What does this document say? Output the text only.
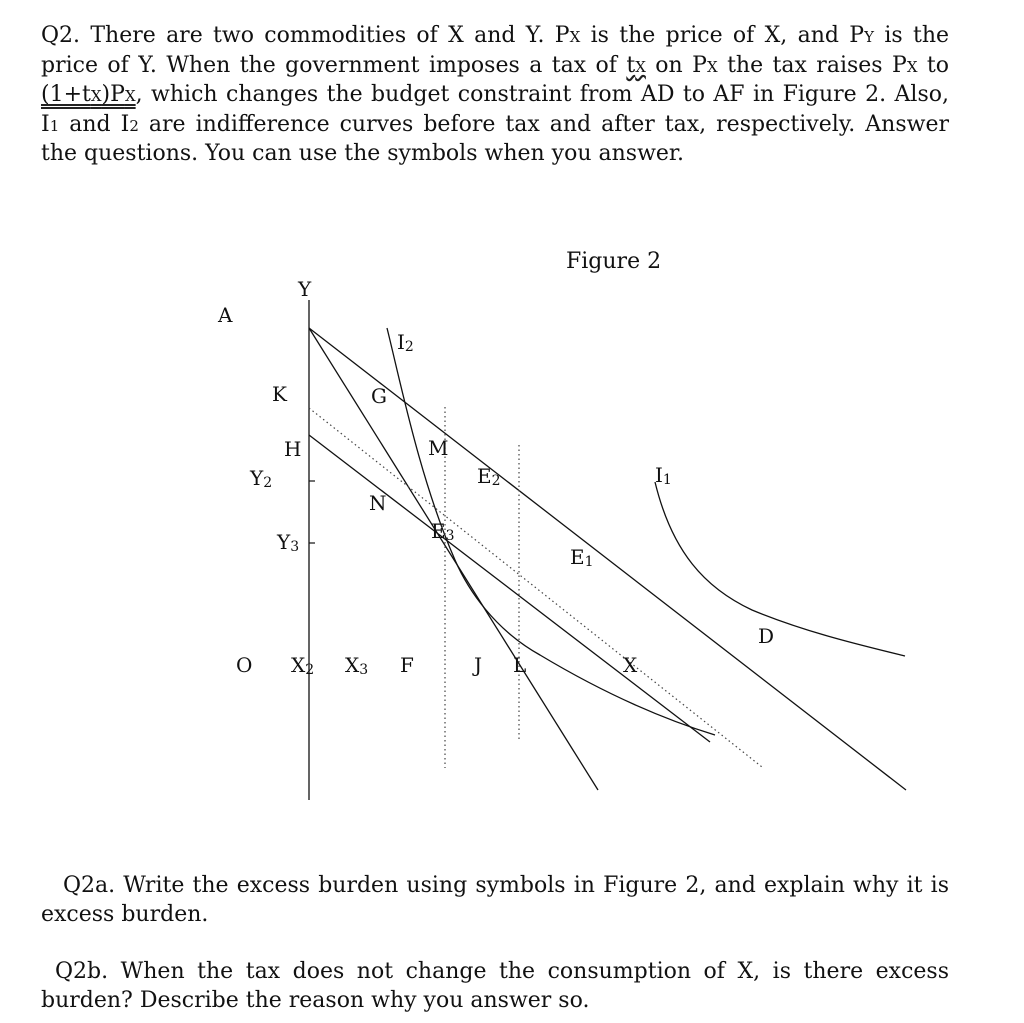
Q2. There are two commodities of X and Y. PX is the price of X, and PY is the price of Y. When the government imposes a tax of tX on PX the tax raises PX to (1+tX)PX, which changes the budget constraint from AD to AF in Figure 2. Also, I1 and I2 are indifference curves before tax and after tax, respectively. Answer the questions. You can use the symbols when you answer.

Figure 2
A
Y
K
H
Y2
Y3
I2
G
M
N
E2
E3
E1
I1
D
O X2 X3 F	J L	X

Q2a. Write the excess burden using symbols in Figure 2, and explain why it is excess burden.

Q2b. When the tax does not change the consumption of X, is there excess burden? Describe the reason why you answer so.
